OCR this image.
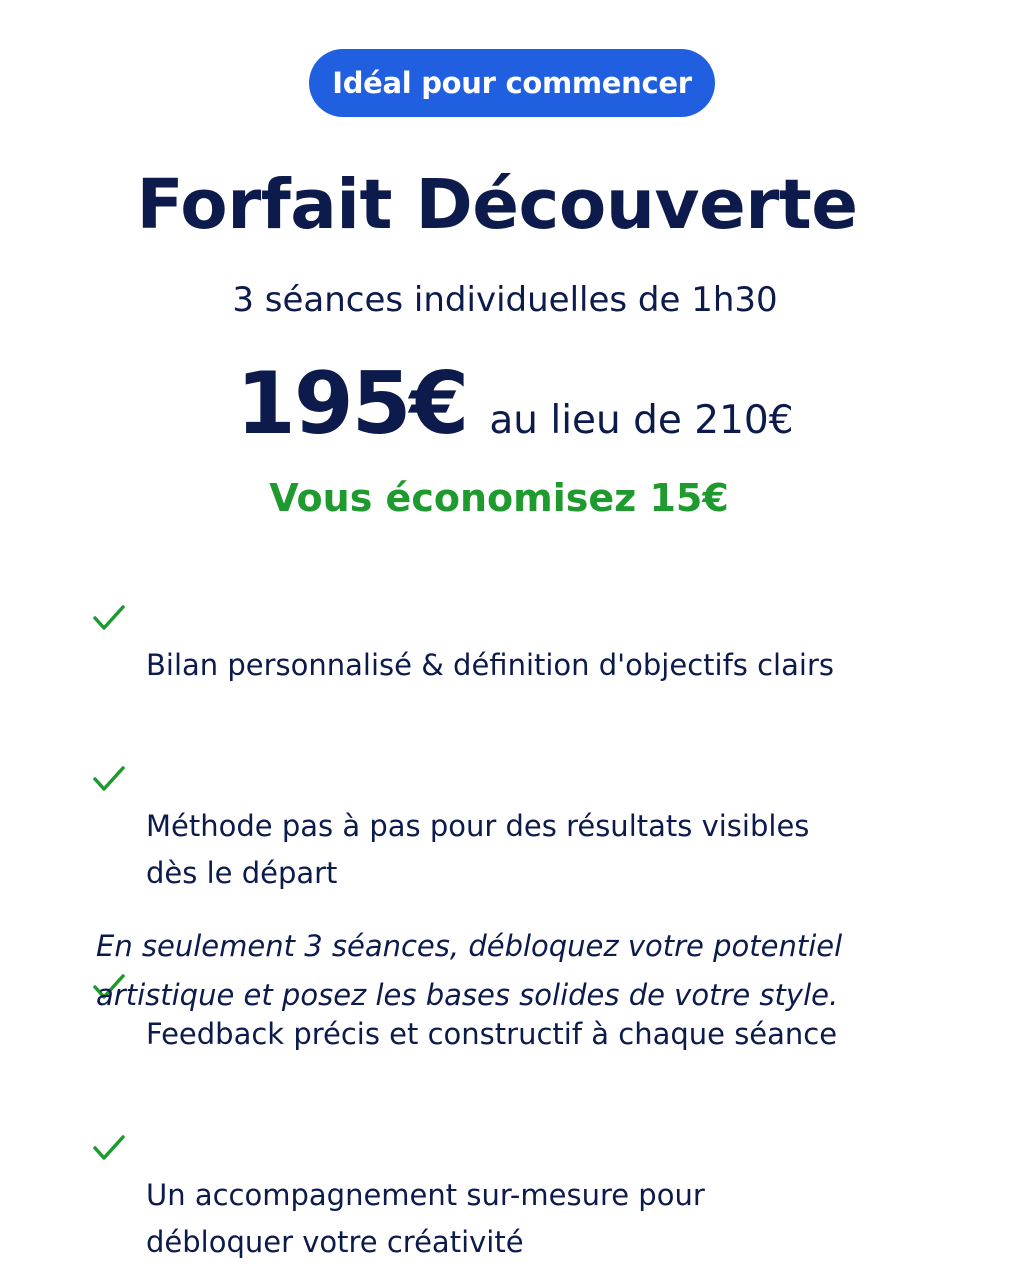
Idéal pour commencer
Forfait Découverte
3 séances individuelles de 1h30
195€ au lieu de 210€
Vous économisez 15€

Bilan personnalisé & définition d'objectifs clairs

Méthode pas à pas pour des résultats visibles
dès le départ

Feedback précis et constructif à chaque séance

Un accompagnement sur-mesure pour
débloquer votre créativité

En seulement 3 séances, débloquez votre potentiel
artistique et posez les bases solides de votre style.
